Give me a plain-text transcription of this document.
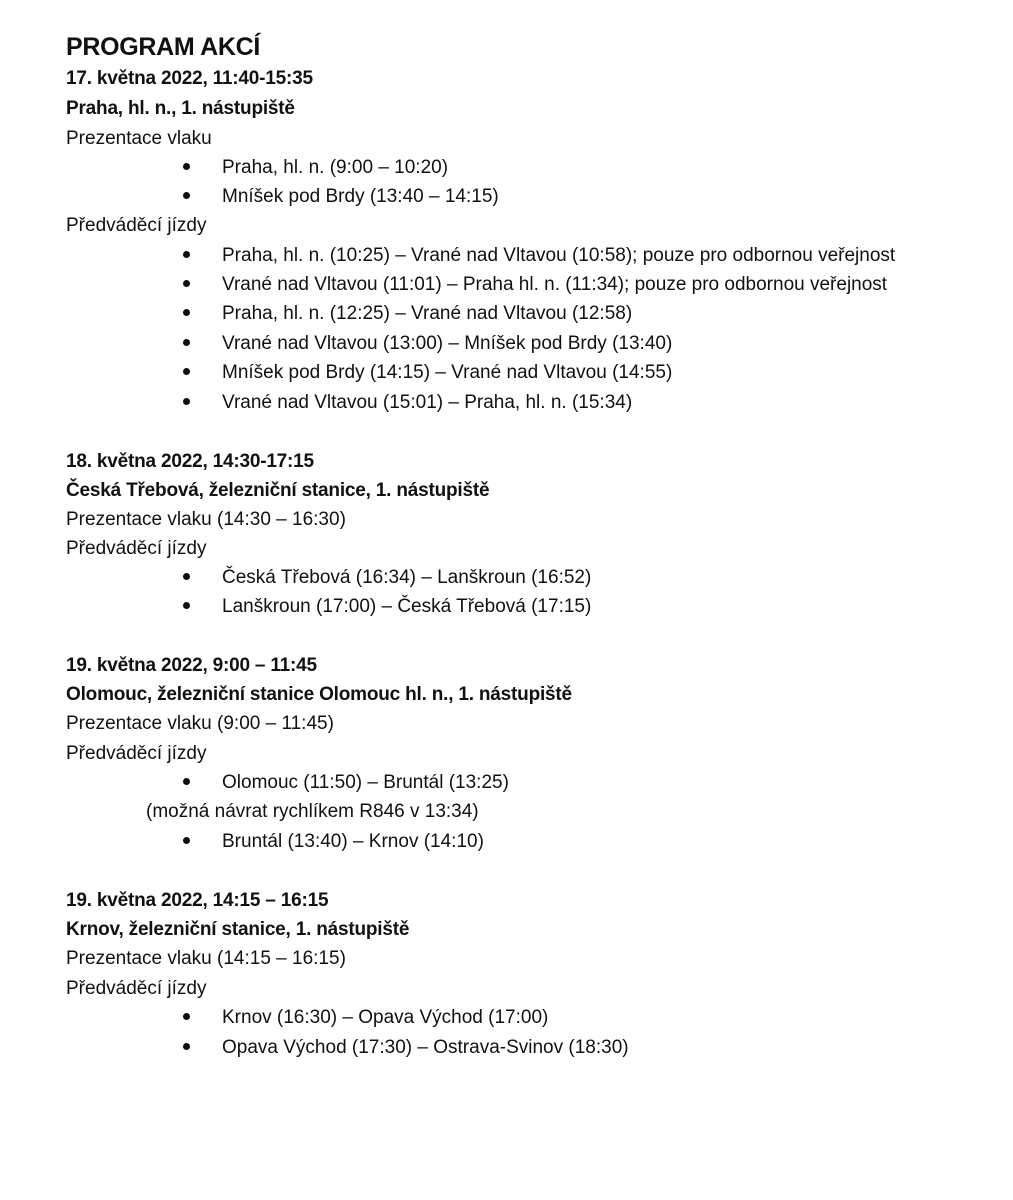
PROGRAM AKCÍ
17. května 2022, 11:40-15:35
Praha, hl. n., 1. nástupiště
Prezentace vlaku
Praha, hl. n. (9:00 – 10:20)
Mníšek pod Brdy (13:40 – 14:15)
Předváděcí jízdy
Praha, hl. n. (10:25) – Vrané nad Vltavou (10:58); pouze pro odbornou veřejnost
Vrané nad Vltavou (11:01) – Praha hl. n. (11:34); pouze pro odbornou veřejnost
Praha, hl. n. (12:25) – Vrané nad Vltavou (12:58)
Vrané nad Vltavou (13:00) – Mníšek pod Brdy (13:40)
Mníšek pod Brdy (14:15) – Vrané nad Vltavou (14:55)
Vrané nad Vltavou (15:01) – Praha, hl. n. (15:34)
18. května 2022, 14:30-17:15
Česká Třebová, železniční stanice, 1. nástupiště
Prezentace vlaku (14:30 – 16:30)
Předváděcí jízdy
Česká Třebová (16:34) – Lanškroun (16:52)
Lanškroun (17:00) – Česká Třebová (17:15)
19. května 2022, 9:00 – 11:45
Olomouc, železniční stanice Olomouc hl. n., 1. nástupiště
Prezentace vlaku (9:00 – 11:45)
Předváděcí jízdy
Olomouc (11:50) – Bruntál (13:25)
(možná návrat rychlíkem R846 v 13:34)
Bruntál (13:40) – Krnov (14:10)
19. května 2022, 14:15 – 16:15
Krnov, železniční stanice, 1. nástupiště
Prezentace vlaku (14:15 – 16:15)
Předváděcí jízdy
Krnov (16:30) – Opava Východ (17:00)
Opava Východ (17:30) – Ostrava-Svinov (18:30)
